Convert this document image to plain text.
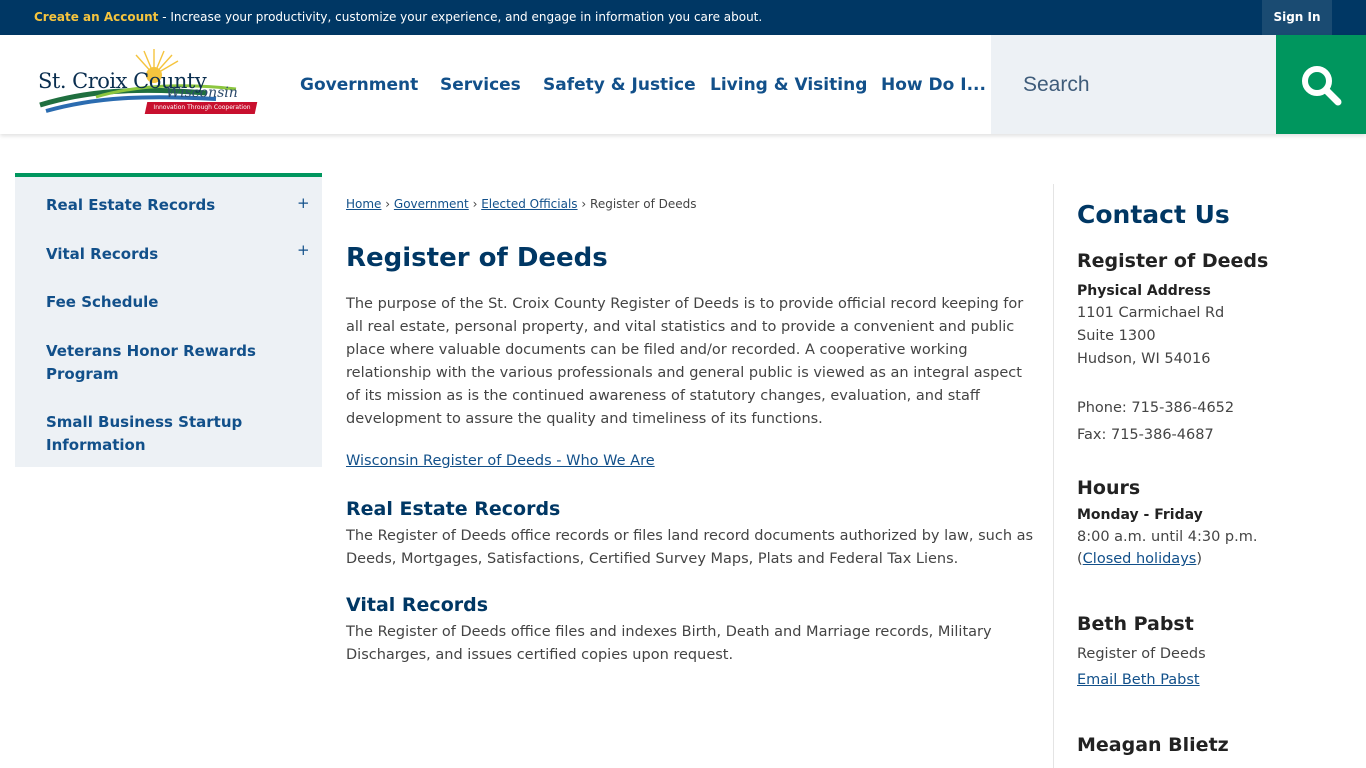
Create an Account - Increase your productivity, customize your experience, and engage in information you care about.	Sign In
St. Croix County
Wisconsin
Innovation Through Cooperation
Government Services Safety & Justice Living & Visiting How Do I...
Search
Real Estate Records	+
Vital Records	+
Fee Schedule
Veterans Honor Rewards Program
Small Business Startup Information
Home › Government › Elected Officials › Register of Deeds
Register of Deeds
The purpose of the St. Croix County Register of Deeds is to provide official record keeping for all real estate, personal property, and vital statistics and to provide a convenient and public place where valuable documents can be filed and/or recorded. A cooperative working relationship with the various professionals and general public is viewed as an integral aspect of its mission as is the continued awareness of statutory changes, evaluation, and staff development to assure the quality and timeliness of its functions.
Wisconsin Register of Deeds - Who We Are
Real Estate Records
The Register of Deeds office records or files land record documents authorized by law, such as Deeds, Mortgages, Satisfactions, Certified Survey Maps, Plats and Federal Tax Liens.
Vital Records
The Register of Deeds office files and indexes Birth, Death and Marriage records, Military Discharges, and issues certified copies upon request.
Contact Us
Register of Deeds
Physical Address
1101 Carmichael Rd
Suite 1300
Hudson, WI 54016
Phone: 715-386-4652
Fax: 715-386-4687
Hours
Monday - Friday
8:00 a.m. until 4:30 p.m.
(Closed holidays)
Beth Pabst
Register of Deeds
Email Beth Pabst
Meagan Blietz
